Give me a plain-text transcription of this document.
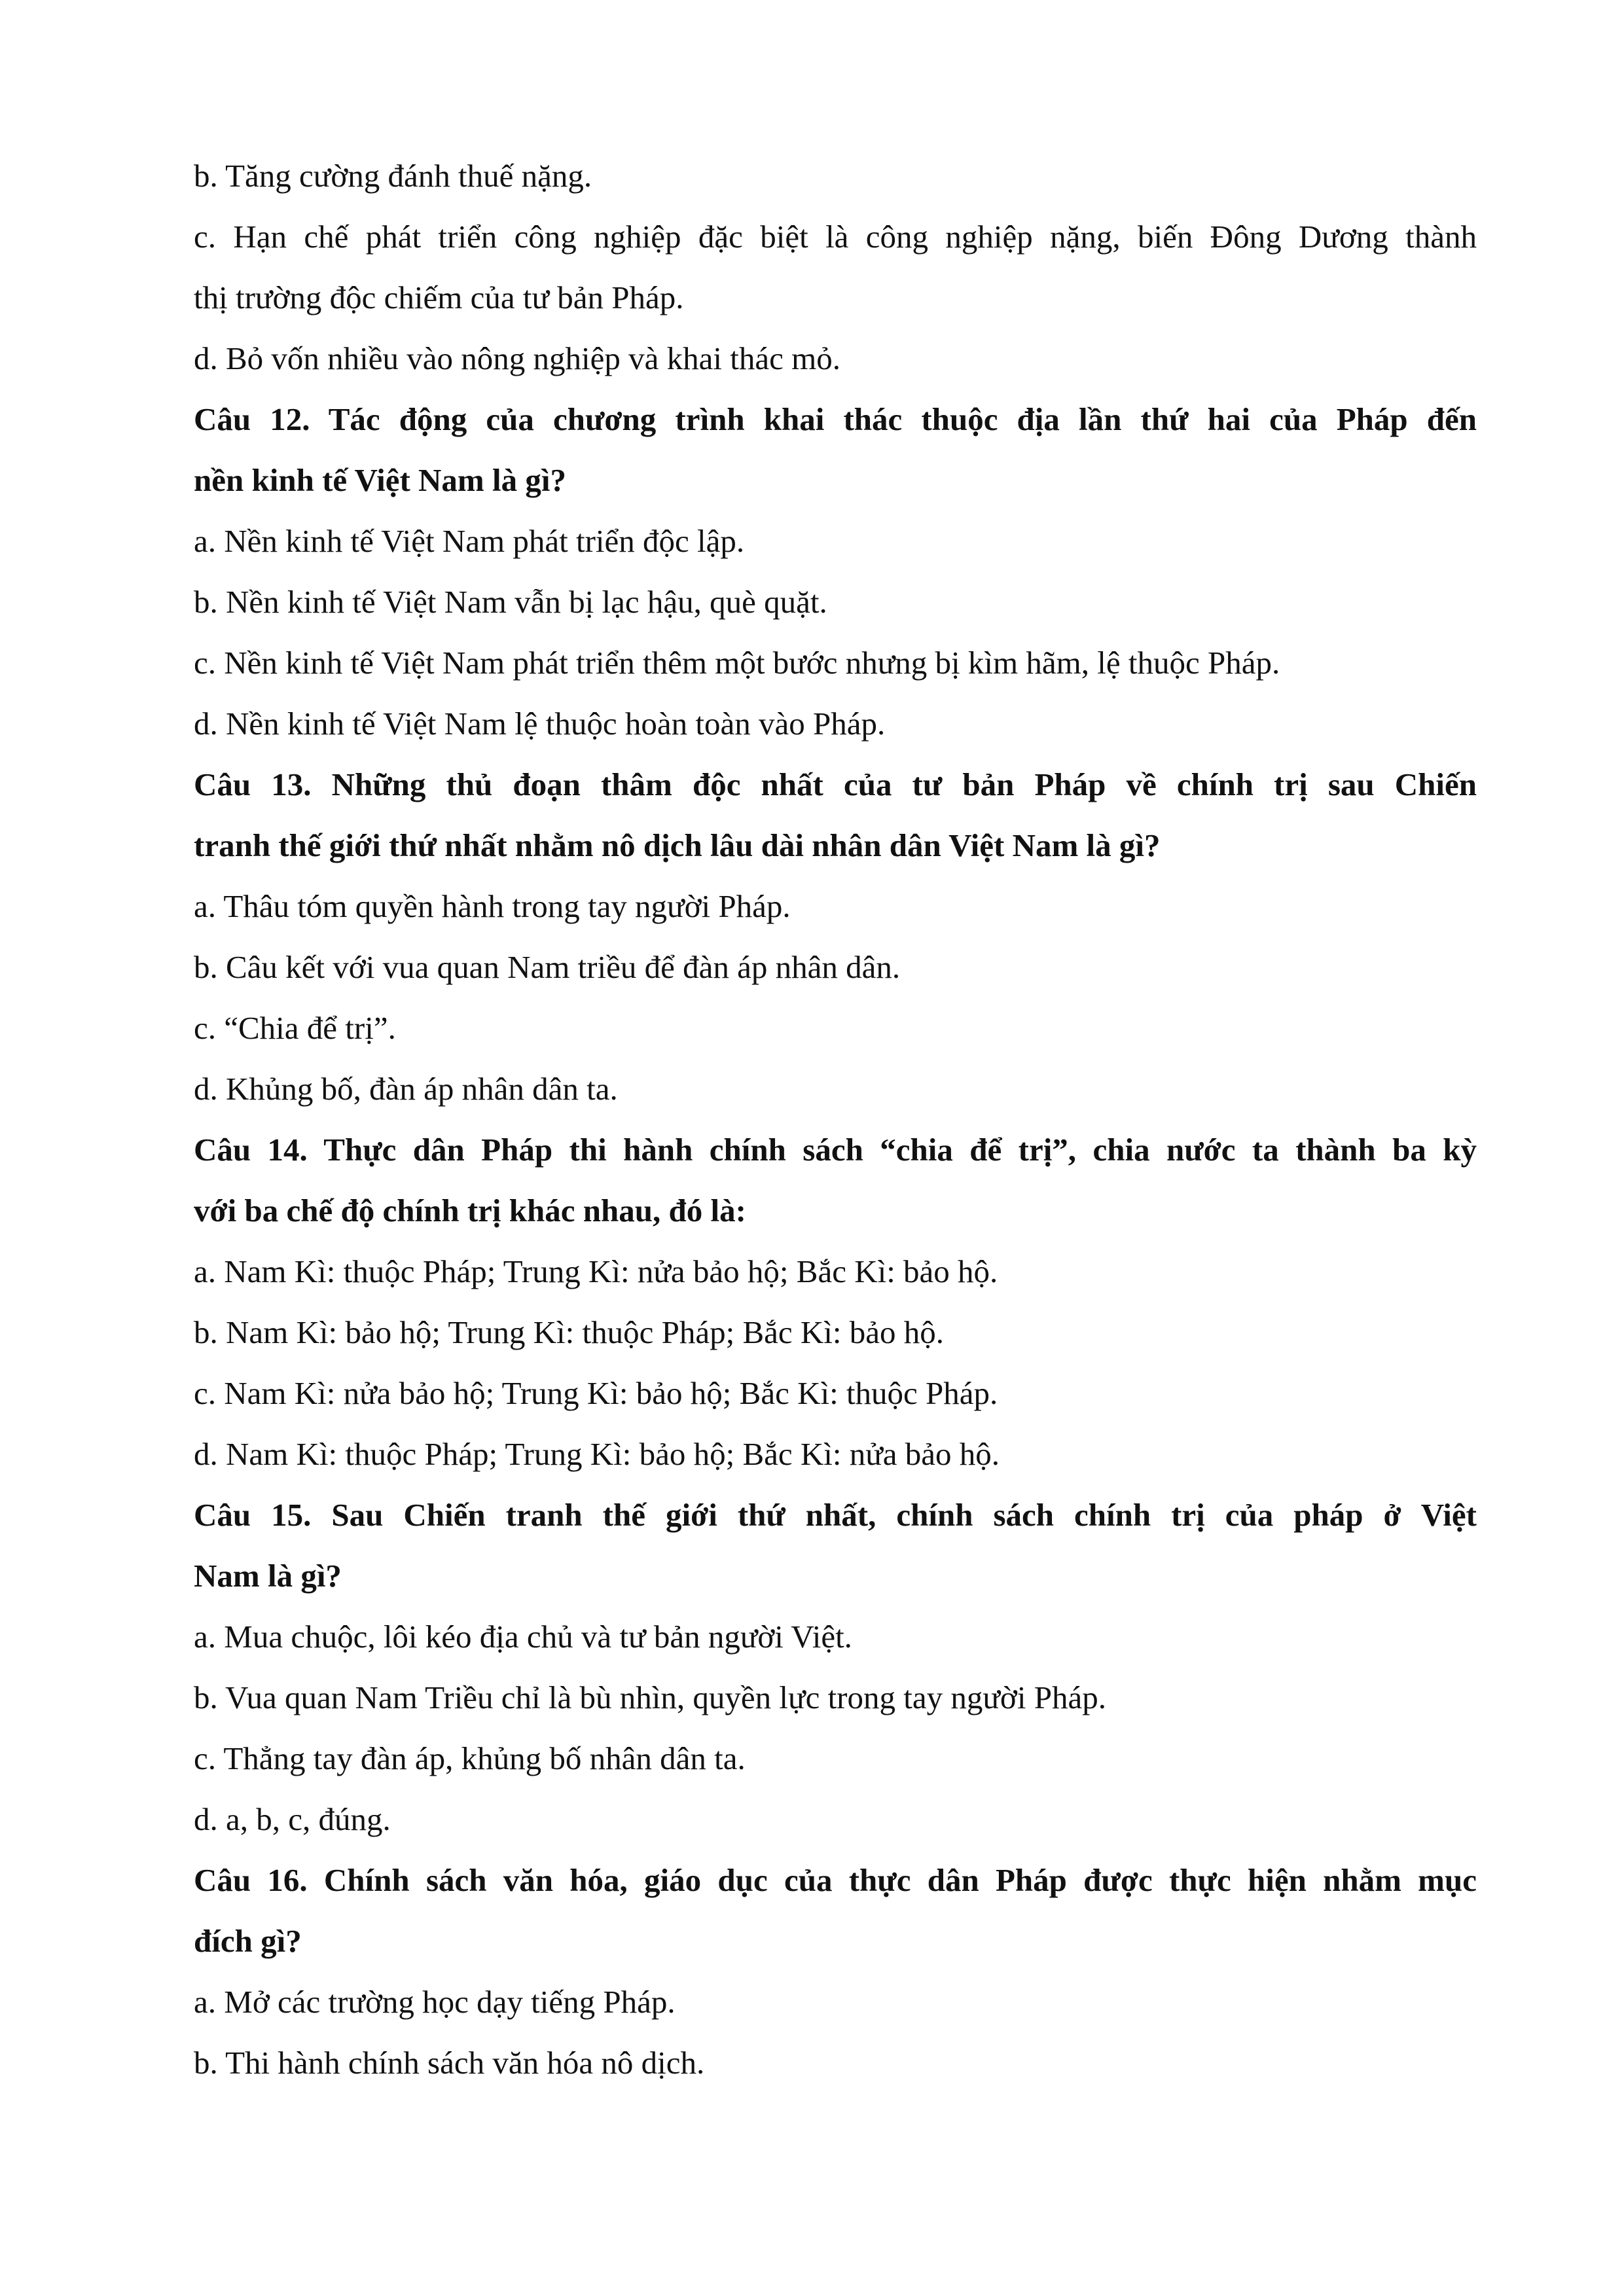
b. Tăng cường đánh thuế nặng.

c. Hạn chế phát triển công nghiệp đặc biệt là công nghiệp nặng, biến Đông Dương thành

thị trường độc chiếm của tư bản Pháp.

d. Bỏ vốn nhiều vào nông nghiệp và khai thác mỏ.

Câu 12. Tác động của chương trình khai thác thuộc địa lần thứ hai của Pháp đến

nền kinh tế Việt Nam là gì?

a. Nền kinh tế Việt Nam phát triển độc lập.

b. Nền kinh tế Việt Nam vẫn bị lạc hậu, què quặt.

c. Nền kinh tế Việt Nam phát triển thêm một bước nhưng bị kìm hãm, lệ thuộc Pháp.

d. Nền kinh tế Việt Nam lệ thuộc hoàn toàn vào Pháp.

Câu 13. Những thủ đoạn thâm độc nhất của tư bản Pháp về chính trị sau Chiến

tranh thế giới thứ nhất nhằm nô dịch lâu dài nhân dân Việt Nam là gì?

a. Thâu tóm quyền hành trong tay người Pháp.

b. Câu kết với vua quan Nam triều để đàn áp nhân dân.

c. “Chia để trị”.

d. Khủng bố, đàn áp nhân dân ta.

Câu 14. Thực dân Pháp thi hành chính sách “chia để trị”, chia nước ta thành ba kỳ

với ba chế độ chính trị khác nhau, đó là:

a. Nam Kì: thuộc Pháp; Trung Kì: nửa bảo hộ; Bắc Kì: bảo hộ.

b. Nam Kì: bảo hộ; Trung Kì: thuộc Pháp; Bắc Kì: bảo hộ.

c. Nam Kì: nửa bảo hộ; Trung Kì: bảo hộ; Bắc Kì: thuộc Pháp.

d. Nam Kì: thuộc Pháp; Trung Kì: bảo hộ; Bắc Kì: nửa bảo hộ.

Câu 15. Sau Chiến tranh thế giới thứ nhất, chính sách chính trị của pháp ở Việt

Nam là gì?

a. Mua chuộc, lôi kéo địa chủ và tư bản người Việt.

b. Vua quan Nam Triều chỉ là bù nhìn, quyền lực trong tay người Pháp.

c. Thẳng tay đàn áp, khủng bố nhân dân ta.

d. a, b, c, đúng.

Câu 16. Chính sách văn hóa, giáo dục của thực dân Pháp được thực hiện nhằm mục

đích gì?

a. Mở các trường học dạy tiếng Pháp.

b. Thi hành chính sách văn hóa nô dịch.
